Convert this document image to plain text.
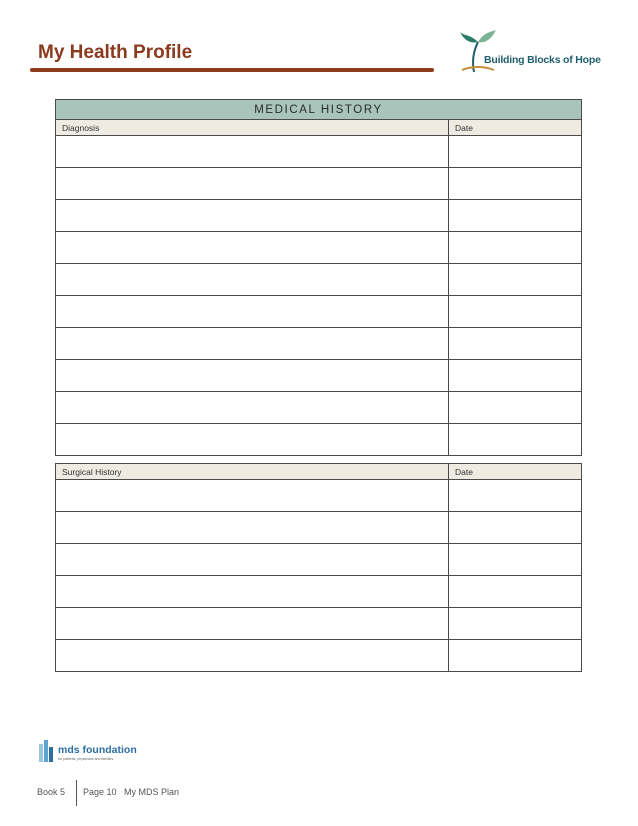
My Health Profile	Building Blocks of Hope
MEDICAL HISTORY	
Diagnosis	Date

Surgical History	Date

mds foundation
for patients, physicians and families
Book 5 Page 10 My MDS Plan
